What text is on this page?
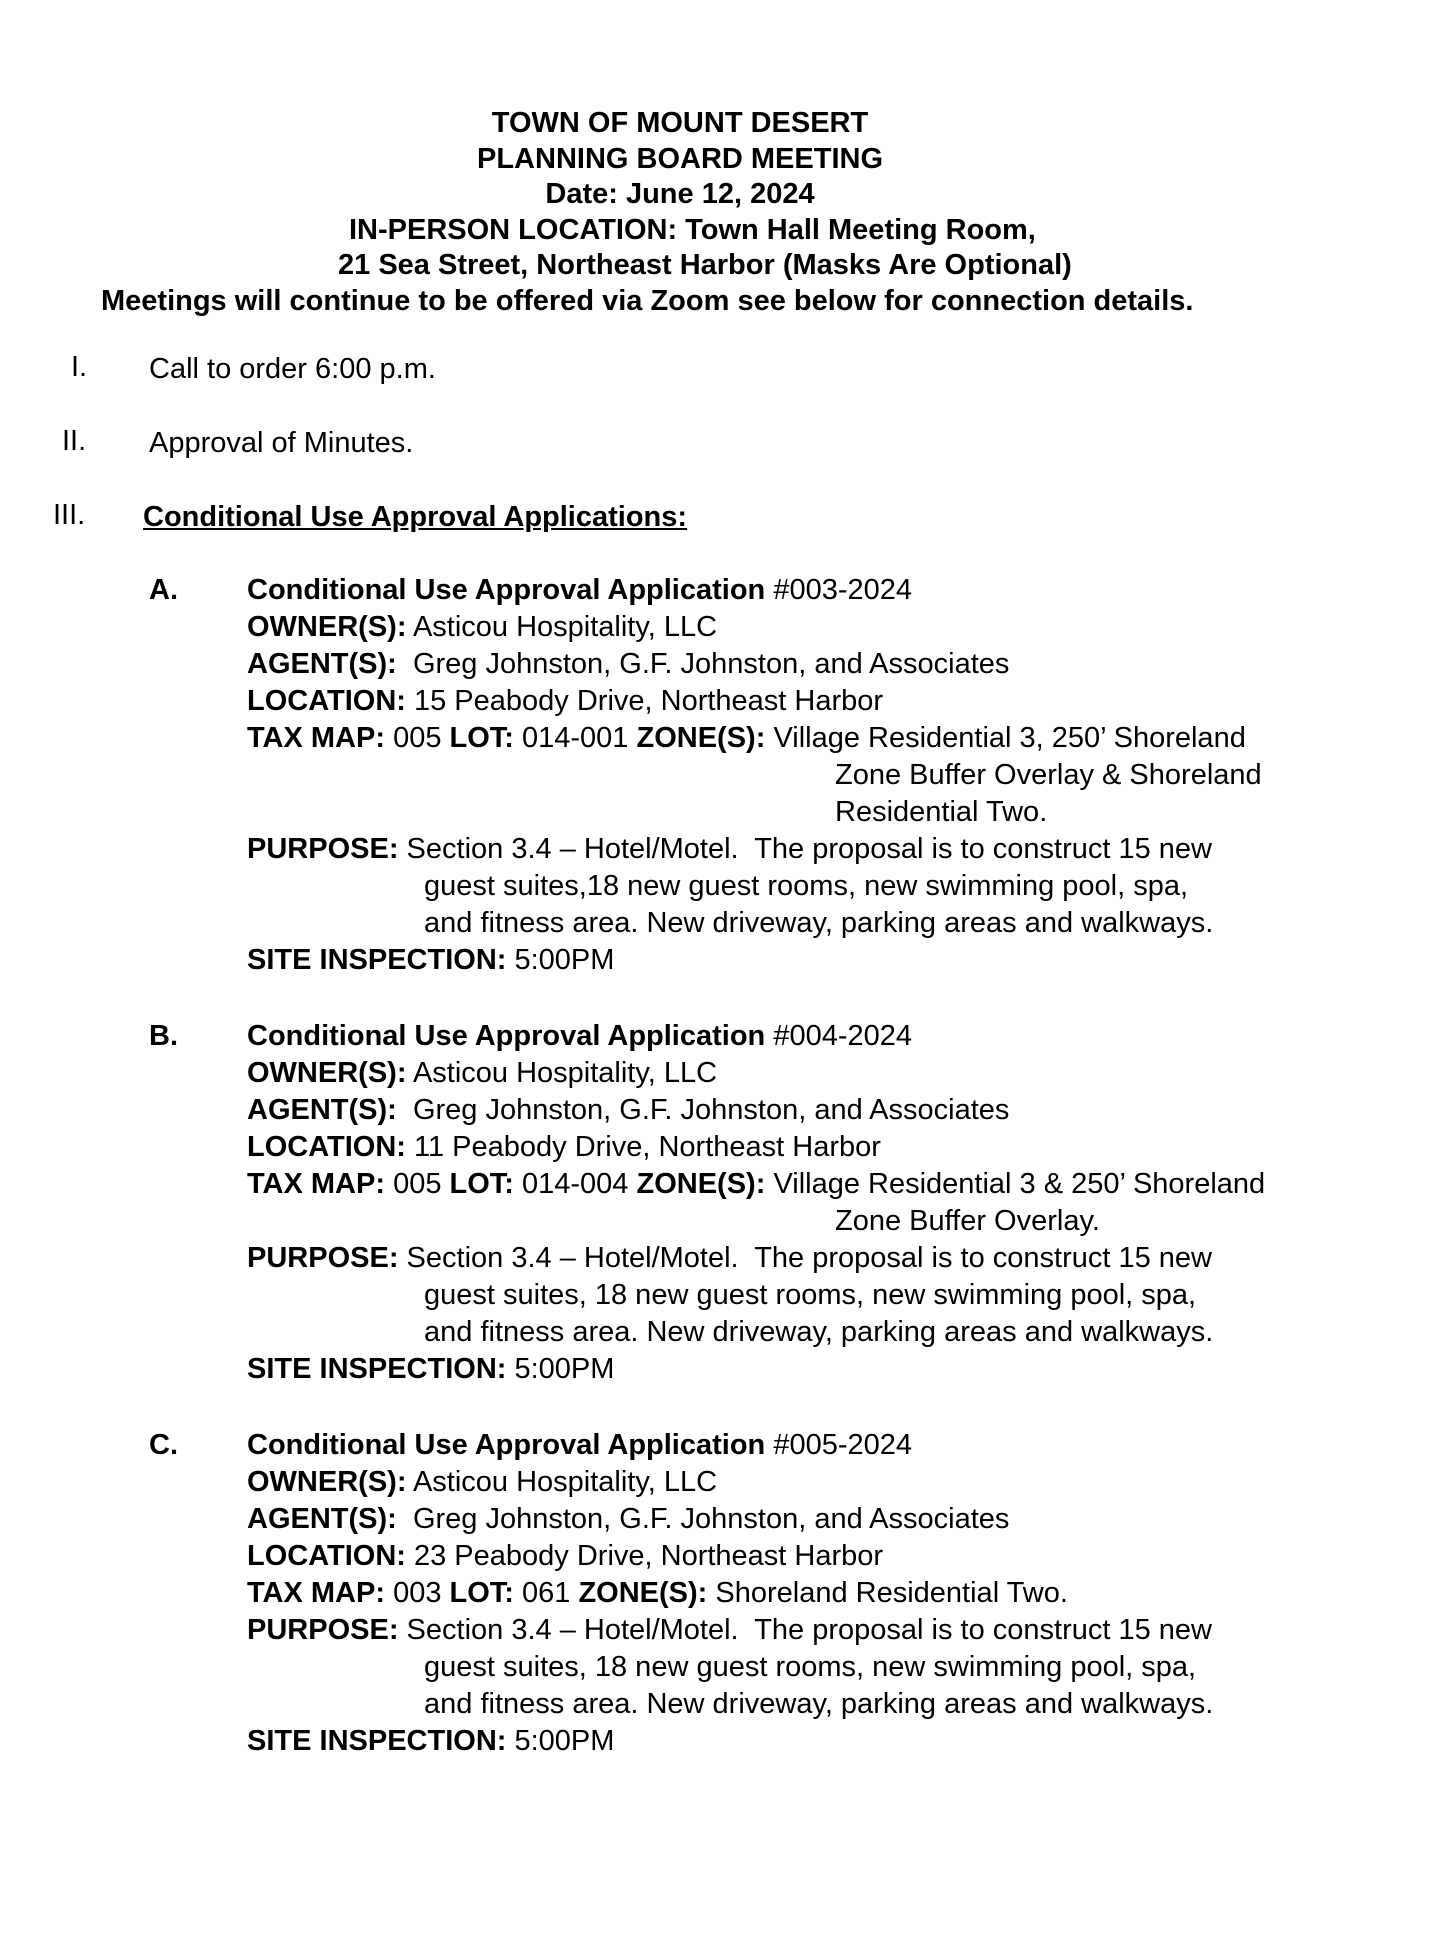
TOWN OF MOUNT DESERT
PLANNING BOARD MEETING
Date: June 12, 2024
IN-PERSON LOCATION: Town Hall Meeting Room,
21 Sea Street, Northeast Harbor (Masks Are Optional)
Meetings will continue to be offered via Zoom see below for connection details.
I. Call to order 6:00 p.m.
II. Approval of Minutes.
III. Conditional Use Approval Applications:
A. Conditional Use Approval Application #003-2024
OWNER(S): Asticou Hospitality, LLC
AGENT(S):  Greg Johnston, G.F. Johnston, and Associates
LOCATION: 15 Peabody Drive, Northeast Harbor
TAX MAP: 005 LOT: 014-001 ZONE(S): Village Residential 3, 250’ Shoreland
Zone Buffer Overlay & Shoreland
Residential Two.
PURPOSE: Section 3.4 – Hotel/Motel.  The proposal is to construct 15 new
guest suites,18 new guest rooms, new swimming pool, spa,
and fitness area. New driveway, parking areas and walkways.
SITE INSPECTION: 5:00PM
B. Conditional Use Approval Application #004-2024
OWNER(S): Asticou Hospitality, LLC
AGENT(S):  Greg Johnston, G.F. Johnston, and Associates
LOCATION: 11 Peabody Drive, Northeast Harbor
TAX MAP: 005 LOT: 014-004 ZONE(S): Village Residential 3 & 250’ Shoreland
Zone Buffer Overlay.
PURPOSE: Section 3.4 – Hotel/Motel.  The proposal is to construct 15 new
guest suites, 18 new guest rooms, new swimming pool, spa,
and fitness area. New driveway, parking areas and walkways.
SITE INSPECTION: 5:00PM
C. Conditional Use Approval Application #005-2024
OWNER(S): Asticou Hospitality, LLC
AGENT(S):  Greg Johnston, G.F. Johnston, and Associates
LOCATION: 23 Peabody Drive, Northeast Harbor
TAX MAP: 003 LOT: 061 ZONE(S): Shoreland Residential Two.
PURPOSE: Section 3.4 – Hotel/Motel.  The proposal is to construct 15 new
guest suites, 18 new guest rooms, new swimming pool, spa,
and fitness area. New driveway, parking areas and walkways.
SITE INSPECTION: 5:00PM
